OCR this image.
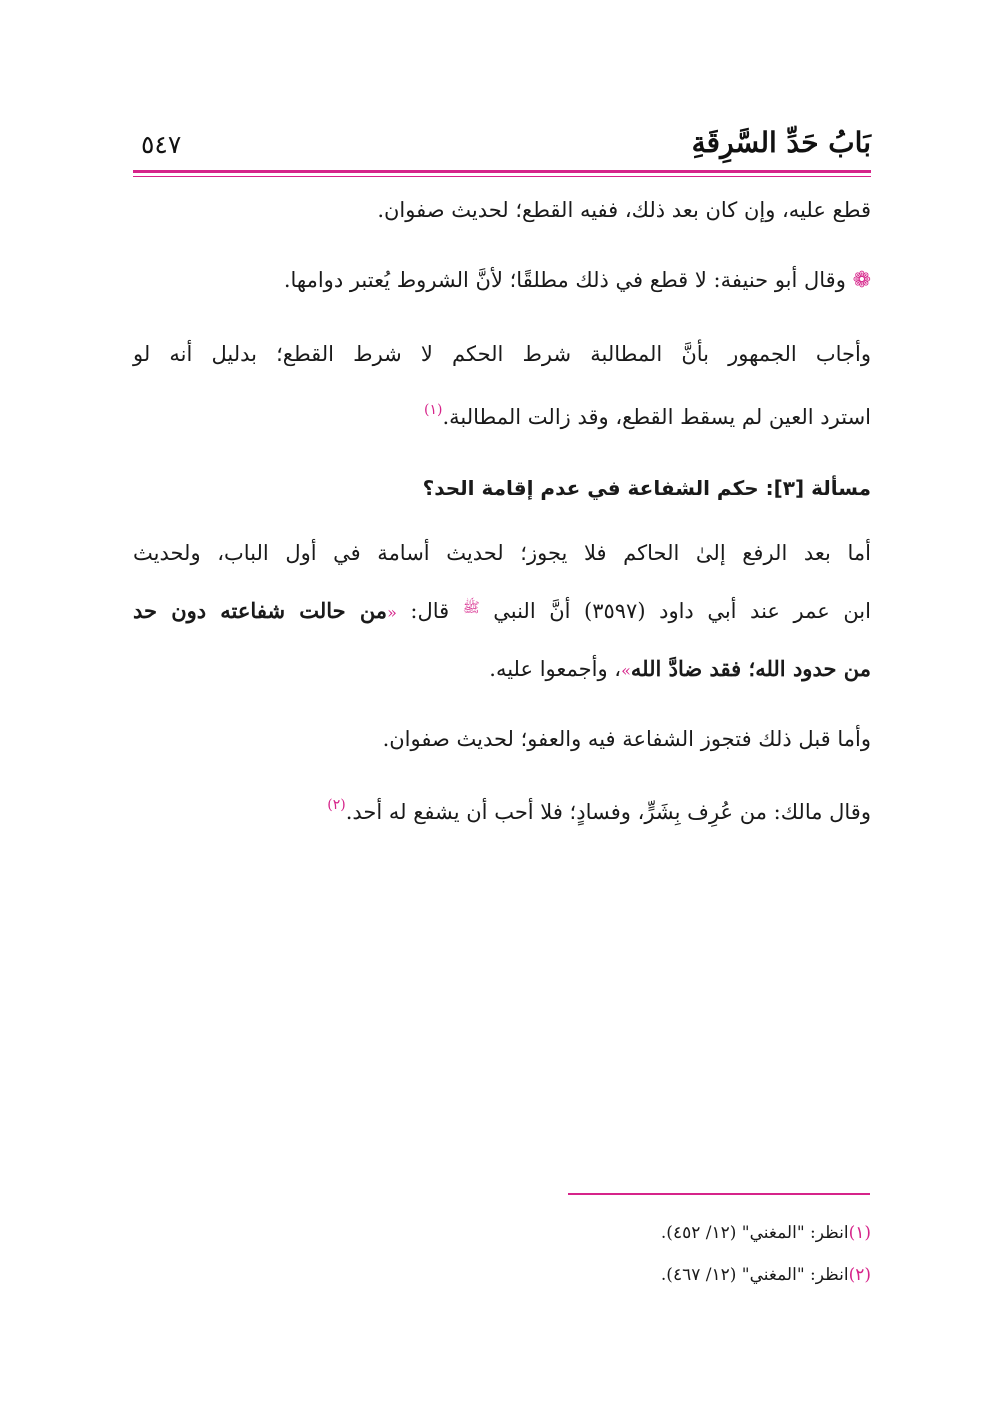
بَابُ حَدِّ السَّرِقَةِ
٥٤٧
قطع عليه، وإن كان بعد ذلك، ففيه القطع؛ لحديث صفوان.
❁ وقال أبو حنيفة: لا قطع في ذلك مطلقًا؛ لأنَّ الشروط يُعتبر دوامها.
وأجاب الجمهور بأنَّ المطالبة شرط الحكم لا شرط القطع؛ بدليل أنه لو
استرد العين لم يسقط القطع، وقد زالت المطالبة.$^{(١)}$
مسألة [٣]: حكم الشفاعة في عدم إقامة الحد؟
أما بعد الرفع إلىٰ الحاكم فلا يجوز؛ لحديث أسامة في أول الباب، ولحديث
ابن عمر عند أبي داود (٣٥٩٧) أنَّ النبي $^ﷺ$ قال: «من حالت شفاعته دون حد
من حدود الله؛ فقد ضادَّ الله»، وأجمعوا عليه.
وأما قبل ذلك فتجوز الشفاعة فيه والعفو؛ لحديث صفوان.
وقال مالك: من عُرِف بِشَرٍّ، وفسادٍ؛ فلا أحب أن يشفع له أحد.$^{(٢)}$
(١)انظر: "المغني" (١٢/ ٤٥٢).
(٢)انظر: "المغني" (١٢/ ٤٦٧).
